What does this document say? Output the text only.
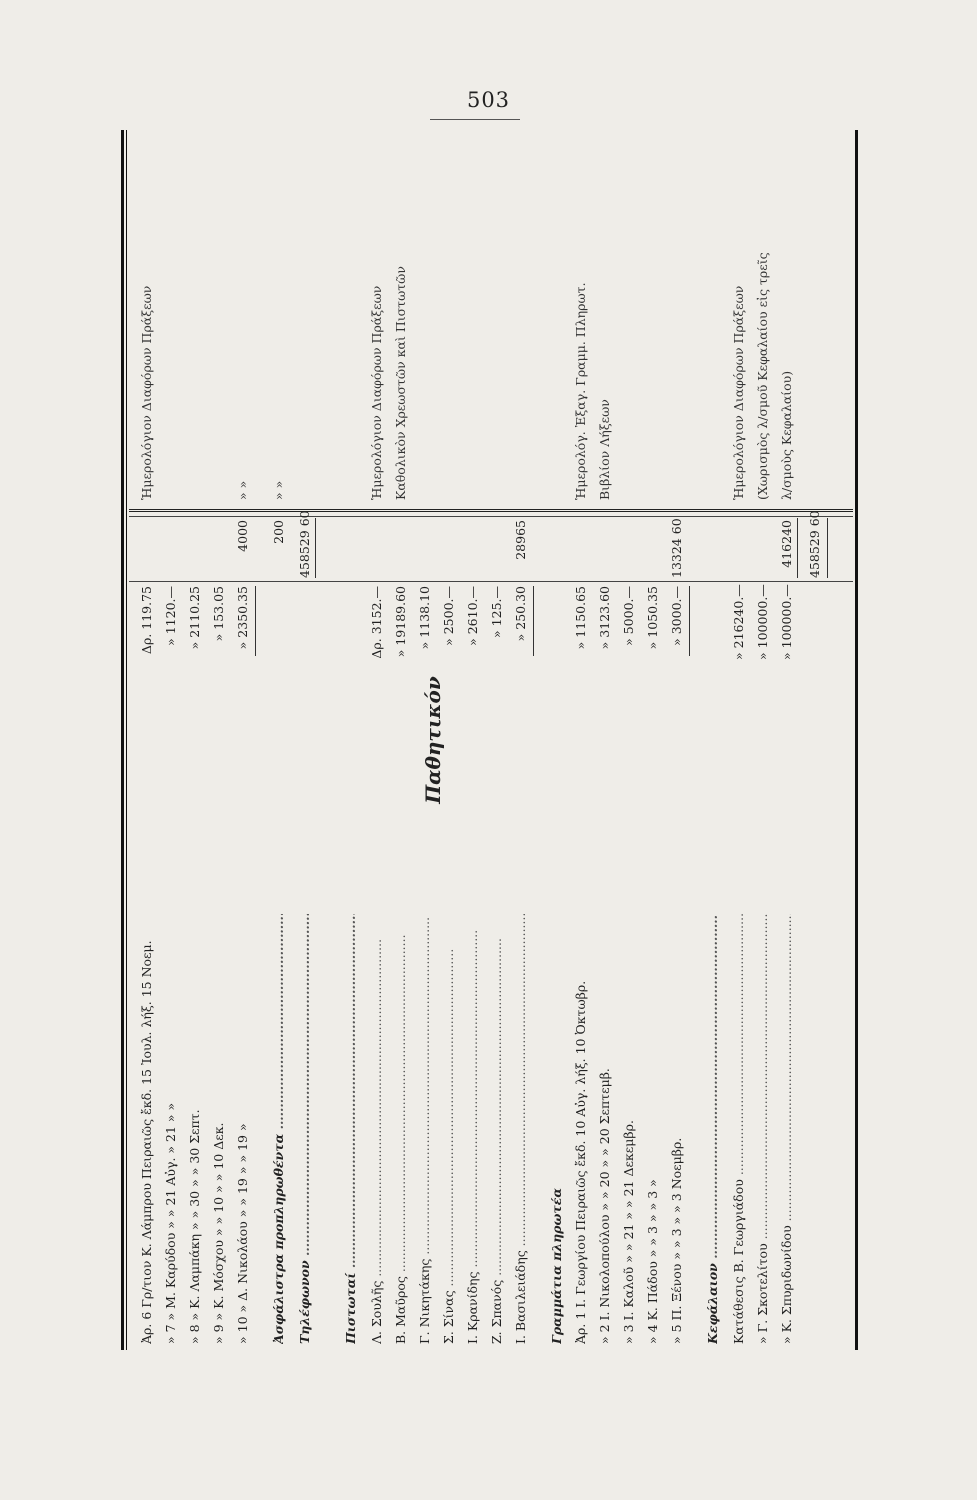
503
Παθητικόν
Ἀρ. 6 Γρ/τιον Κ. Λάμπρου Πειραιῶς ἔκδ. 15 Ἰουλ. λήξ. 15 Νοεμ.
Δρ. 119.75
Ἡμερολόγιον Διαφόρων Πράξεων
» 7 » Μ. Καρύδου » » 21 Αὐγ. » 21 » »
» 1120.—
» 8 » Κ. Λαμπάκη » » 30 » » 30 Σεπτ.
» 2110.25
» 9 » Κ. Μόσχου » » 10 » » 10 Δεκ.
» 153.05
» 10 » Δ. Νικολάου » » 19 » » 19 »
» 2350.35
4000
» »
Ἀσφάλιστρα προπληρωθέντα .....
200
» »
Τηλέφωνον .....
458529 60
Πιστωταί ..... Λ. Σουλῆς .....
Δρ. 3152.—
Ἡμερολόγιον Διαφόρων Πράξεων
Β. Μαῦρος .....
» 19189.60
Καθολικὸν Χρεωστῶν καὶ Πιστωτῶν
Γ. Νικητάκης .....
» 1138.10
Σ. Σίνας .....
» 2500.—
Ι. Κρανίδης .....
» 2610.—
Ζ. Σπανός .....
» 125.—
Ι. Βασιλειάδης .....
» 250.30
28965
Γραμμάτια πληρωτέα Ἀρ. 1 Ι. Γεωργίου Πειραιῶς ἔκδ. 10 Αὐγ. λήξ. 10 Ὀκτωβρ.
» 1150.65
Ἡμερολόγ. Ἐξαγ. Γραμμ. Πληρωτ.
» 2 Ι. Νικολοπούλου » » 20 » » 20 Σεπτεμβ.
» 3123.60
Βιβλίον Λήξεων
» 3 Ι. Καλοῦ » » 21 » » 21 Δεκεμβρ.
» 5000.—
» 4 Κ. Πάδου » » 3 » » 3 »
» 1050.35
» 5 Π. Ξένου » » 3 » » 3 Νοεμβρ.
» 3000.—
13324 60
Κεφάλαιον ..... Κατάθεσις Β. Γεωργιάδου .....
» 216240.—
Ἡμερολόγιον Διαφόρων Πράξεων
» Γ. Σκοτελίτου .....
» 100000.—
(Χωρισμὸς λ/σμοῦ Κεφαλαίου εἰς τρεῖς
» Κ. Σπυριδωνίδου .....
» 100000.—
416240
λ/σμοὺς Κεφαλαίου)
458529 60
